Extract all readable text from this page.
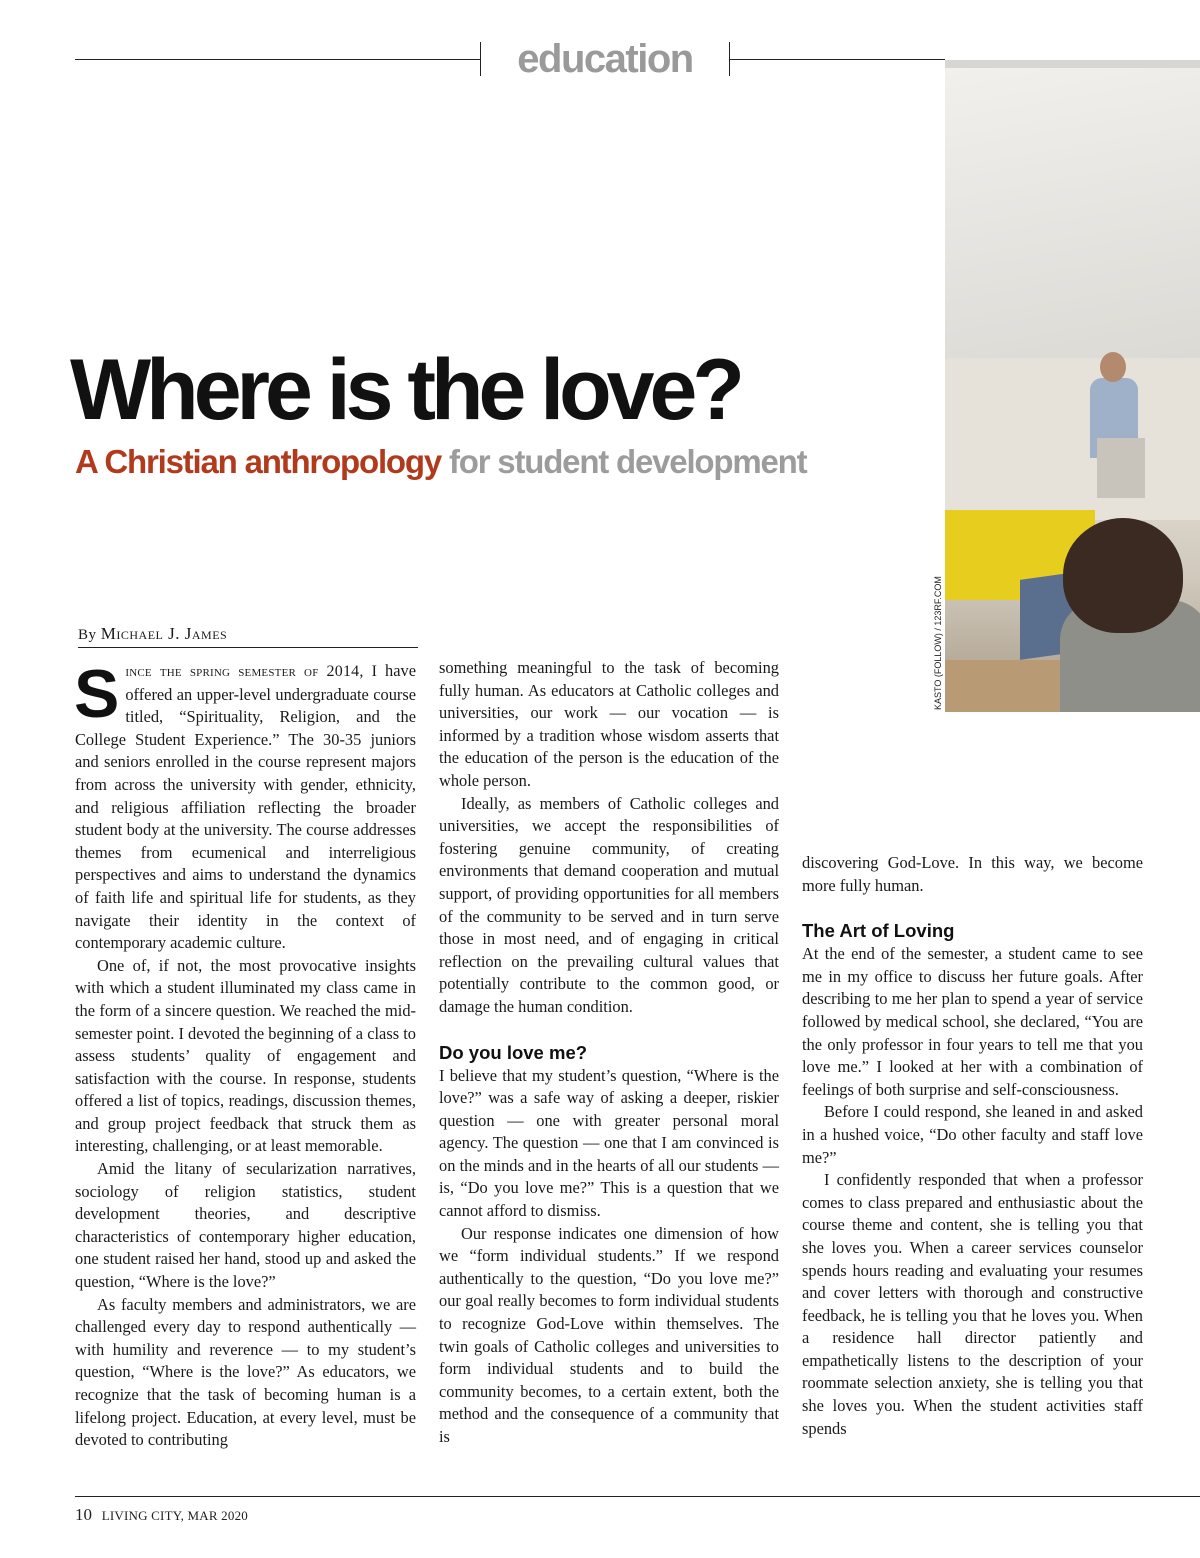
education
KASTO (FOLLOW) / 123RF.COM
Where is the love?
A Christian anthropology for student development
By Michael J. James

Since the spring semester of 2014, I have offered an upper-level undergraduate course titled, “Spirituality, Religion, and the College Student Experience.” The 30-35 juniors and seniors enrolled in the course represent majors from across the university with gender, ethnicity, and religious affiliation reflecting the broader student body at the university. The course addresses themes from ecumenical and interreligious perspectives and aims to understand the dynamics of faith life and spiritual life for students, as they navigate their identity in the context of contemporary academic culture.

One of, if not, the most provocative insights with which a student illuminated my class came in the form of a sincere question. We reached the mid-semester point. I devoted the beginning of a class to assess students’ quality of engagement and satisfaction with the course. In response, students offered a list of topics, readings, discussion themes, and group project feedback that struck them as interesting, challenging, or at least memorable.

Amid the litany of secularization narratives, sociology of religion statistics, student development theories, and descriptive characteristics of contemporary higher education, one student raised her hand, stood up and asked the question, “Where is the love?”

As faculty members and administrators, we are challenged every day to respond authentically — with humility and reverence — to my student’s question, “Where is the love?” As educators, we recognize that the task of becoming human is a lifelong project. Education, at every level, must be devoted to contributing

something meaningful to the task of becoming fully human. As educators at Catholic colleges and universities, our work — our vocation — is informed by a tradition whose wisdom asserts that the education of the person is the education of the whole person.

Ideally, as members of Catholic colleges and universities, we accept the responsibilities of fostering genuine community, of creating environments that demand cooperation and mutual support, of providing opportunities for all members of the community to be served and in turn serve those in most need, and of engaging in critical reflection on the prevailing cultural values that potentially contribute to the common good, or damage the human condition.

Do you love me?

I believe that my student’s question, “Where is the love?” was a safe way of asking a deeper, riskier question — one with greater personal moral agency. The question — one that I am convinced is on the minds and in the hearts of all our students — is, “Do you love me?” This is a question that we cannot afford to dismiss.

Our response indicates one dimension of how we “form individual students.” If we respond authentically to the question, “Do you love me?” our goal really becomes to form individual students to recognize God-Love within themselves. The twin goals of Catholic colleges and universities to form individual students and to build the community becomes, to a certain extent, both the method and the consequence of a community that is

discovering God-Love. In this way, we become more fully human.

The Art of Loving

At the end of the semester, a student came to see me in my office to discuss her future goals. After describing to me her plan to spend a year of service followed by medical school, she declared, “You are the only professor in four years to tell me that you love me.” I looked at her with a combination of feelings of both surprise and self-consciousness.

Before I could respond, she leaned in and asked in a hushed voice, “Do other faculty and staff love me?”

I confidently responded that when a professor comes to class prepared and enthusiastic about the course theme and content, she is telling you that she loves you. When a career services counselor spends hours reading and evaluating your resumes and cover letters with thorough and constructive feedback, he is telling you that he loves you. When a residence hall director patiently and empathetically listens to the description of your roommate selection anxiety, she is telling you that she loves you. When the student activities staff spends

10 LIVING CITY, MAR 2020
